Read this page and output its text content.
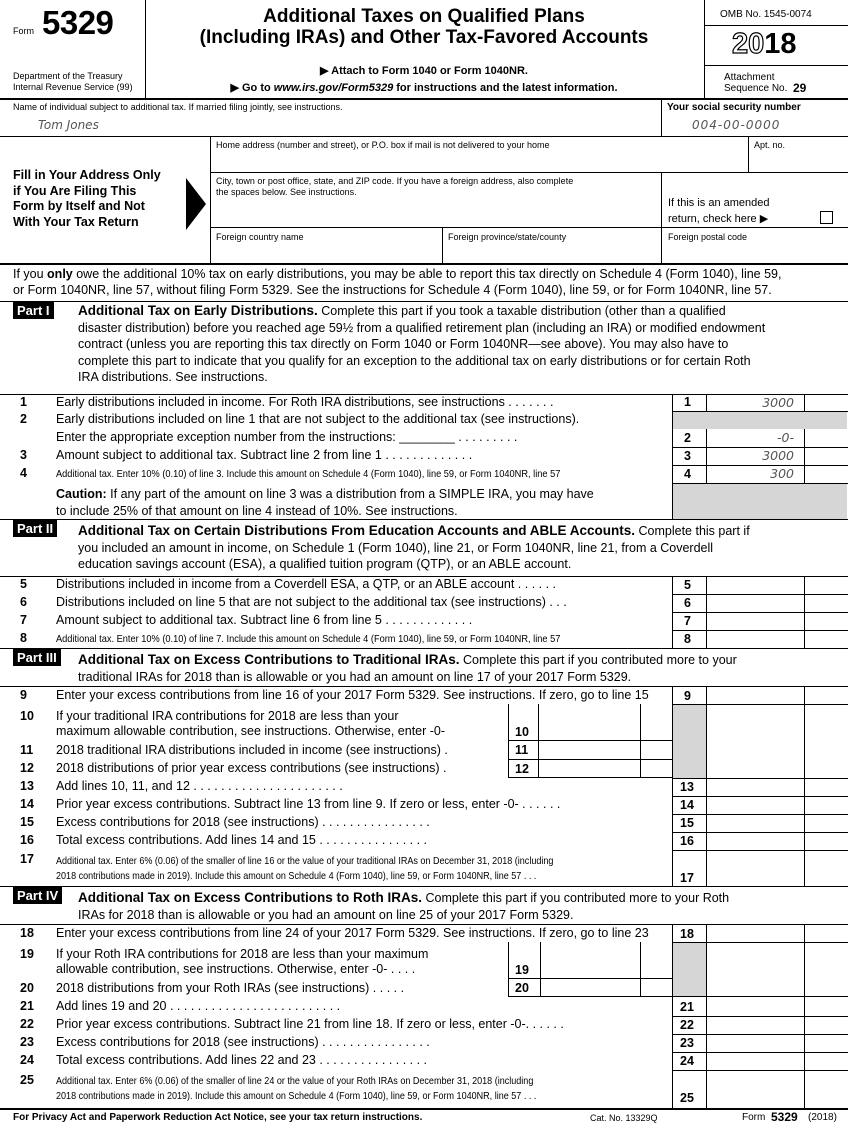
Form 5329
Department of the Treasury
Internal Revenue Service (99)
Additional Taxes on Qualified Plans
(Including IRAs) and Other Tax-Favored Accounts
▶ Attach to Form 1040 or Form 1040NR.
▶ Go to www.irs.gov/Form5329 for instructions and the latest information.
OMB No. 1545-0074
2018
Attachment
Sequence No. 29
Name of individual subject to additional tax. If married filing jointly, see instructions.
Tom Jones
Your social security number
004-00-0000
Fill in Your Address Only
if You Are Filing This
Form by Itself and Not
With Your Tax Return
Home address (number and street), or P.O. box if mail is not delivered to your home	Apt. no.
City, town or post office, state, and ZIP code. If you have a foreign address, also complete
the spaces below. See instructions.
If this is an amended
return, check here ▶
Foreign country name	Foreign province/state/county	Foreign postal code
If you only owe the additional 10% tax on early distributions, you may be able to report this tax directly on Schedule 4 (Form 1040), line 59,
or Form 1040NR, line 57, without filing Form 5329. See the instructions for Schedule 4 (Form 1040), line 59, or for Form 1040NR, line 57.
Part I Additional Tax on Early Distributions. Complete this part if you took a taxable distribution (other than a qualified
disaster distribution) before you reached age 59½ from a qualified retirement plan (including an IRA) or modified endowment
contract (unless you are reporting this tax directly on Form 1040 or Form 1040NR—see above). You may also have to
complete this part to indicate that you qualify for an exception to the additional tax on early distributions or for certain Roth
IRA distributions. See instructions.
1 Early distributions included in income. For Roth IRA distributions, see instructions . . . . . . .	1	3000
2 Early distributions included on line 1 that are not subject to the additional tax (see instructions).
Enter the appropriate exception number from the instructions: ________ . . . . . . . . .	2	-0-
3 Amount subject to additional tax. Subtract line 2 from line 1 . . . . . . . . . . . . .	3	3000
4	Additional tax. Enter 10% (0.10) of line 3. Include this amount on Schedule 4 (Form 1040), line 59, or Form 1040NR, line 57	4	300
Caution: If any part of the amount on line 3 was a distribution from a SIMPLE IRA, you may have
to include 25% of that amount on line 4 instead of 10%. See instructions.
Part II Additional Tax on Certain Distributions From Education Accounts and ABLE Accounts. Complete this part if
you included an amount in income, on Schedule 1 (Form 1040), line 21, or Form 1040NR, line 21, from a Coverdell
education savings account (ESA), a qualified tuition program (QTP), or an ABLE account.
5 Distributions included in income from a Coverdell ESA, a QTP, or an ABLE account . . . . . .	5
6 Distributions included on line 5 that are not subject to the additional tax (see instructions) . . .	6
7 Amount subject to additional tax. Subtract line 6 from line 5 . . . . . . . . . . . . .	7
8	Additional tax. Enter 10% (0.10) of line 7. Include this amount on Schedule 4 (Form 1040), line 59, or Form 1040NR, line 57	8
Part III Additional Tax on Excess Contributions to Traditional IRAs. Complete this part if you contributed more to your
traditional IRAs for 2018 than is allowable or you had an amount on line 17 of your 2017 Form 5329.
9 Enter your excess contributions from line 16 of your 2017 Form 5329. See instructions. If zero, go to line 15	9
10 If your traditional IRA contributions for 2018 are less than your
maximum allowable contribution, see instructions. Otherwise, enter -0-	10
11 2018 traditional IRA distributions included in income (see instructions) .	11
12 2018 distributions of prior year excess contributions (see instructions) .	12
13 Add lines 10, 11, and 12 . . . . . . . . . . . . . . . . . . . . . .	13
14 Prior year excess contributions. Subtract line 13 from line 9. If zero or less, enter -0- . . . . . .	14
15 Excess contributions for 2018 (see instructions) . . . . . . . . . . . . . . . .	15
16 Total excess contributions. Add lines 14 and 15 . . . . . . . . . . . . . . . .	16
17 Additional tax. Enter 6% (0.06) of the smaller of line 16 or the value of your traditional IRAs on December 31, 2018 (including
2018 contributions made in 2019). Include this amount on Schedule 4 (Form 1040), line 59, or Form 1040NR, line 57 . . .	17
Part IV Additional Tax on Excess Contributions to Roth IRAs. Complete this part if you contributed more to your Roth
IRAs for 2018 than is allowable or you had an amount on line 25 of your 2017 Form 5329.
18 Enter your excess contributions from line 24 of your 2017 Form 5329. See instructions. If zero, go to line 23	18
19 If your Roth IRA contributions for 2018 are less than your maximum
allowable contribution, see instructions. Otherwise, enter -0- . . . .	19
20 2018 distributions from your Roth IRAs (see instructions) . . . . .	20
21 Add lines 19 and 20 . . . . . . . . . . . . . . . . . . . . . . . . .	21
22 Prior year excess contributions. Subtract line 21 from line 18. If zero or less, enter -0-. . . . . .	22
23 Excess contributions for 2018 (see instructions) . . . . . . . . . . . . . . . .	23
24 Total excess contributions. Add lines 22 and 23 . . . . . . . . . . . . . . . .	24
25 Additional tax. Enter 6% (0.06) of the smaller of line 24 or the value of your Roth IRAs on December 31, 2018 (including
2018 contributions made in 2019). Include this amount on Schedule 4 (Form 1040), line 59, or Form 1040NR, line 57 . . .	25
For Privacy Act and Paperwork Reduction Act Notice, see your tax return instructions.	Cat. No. 13329Q	Form 5329 (2018)
